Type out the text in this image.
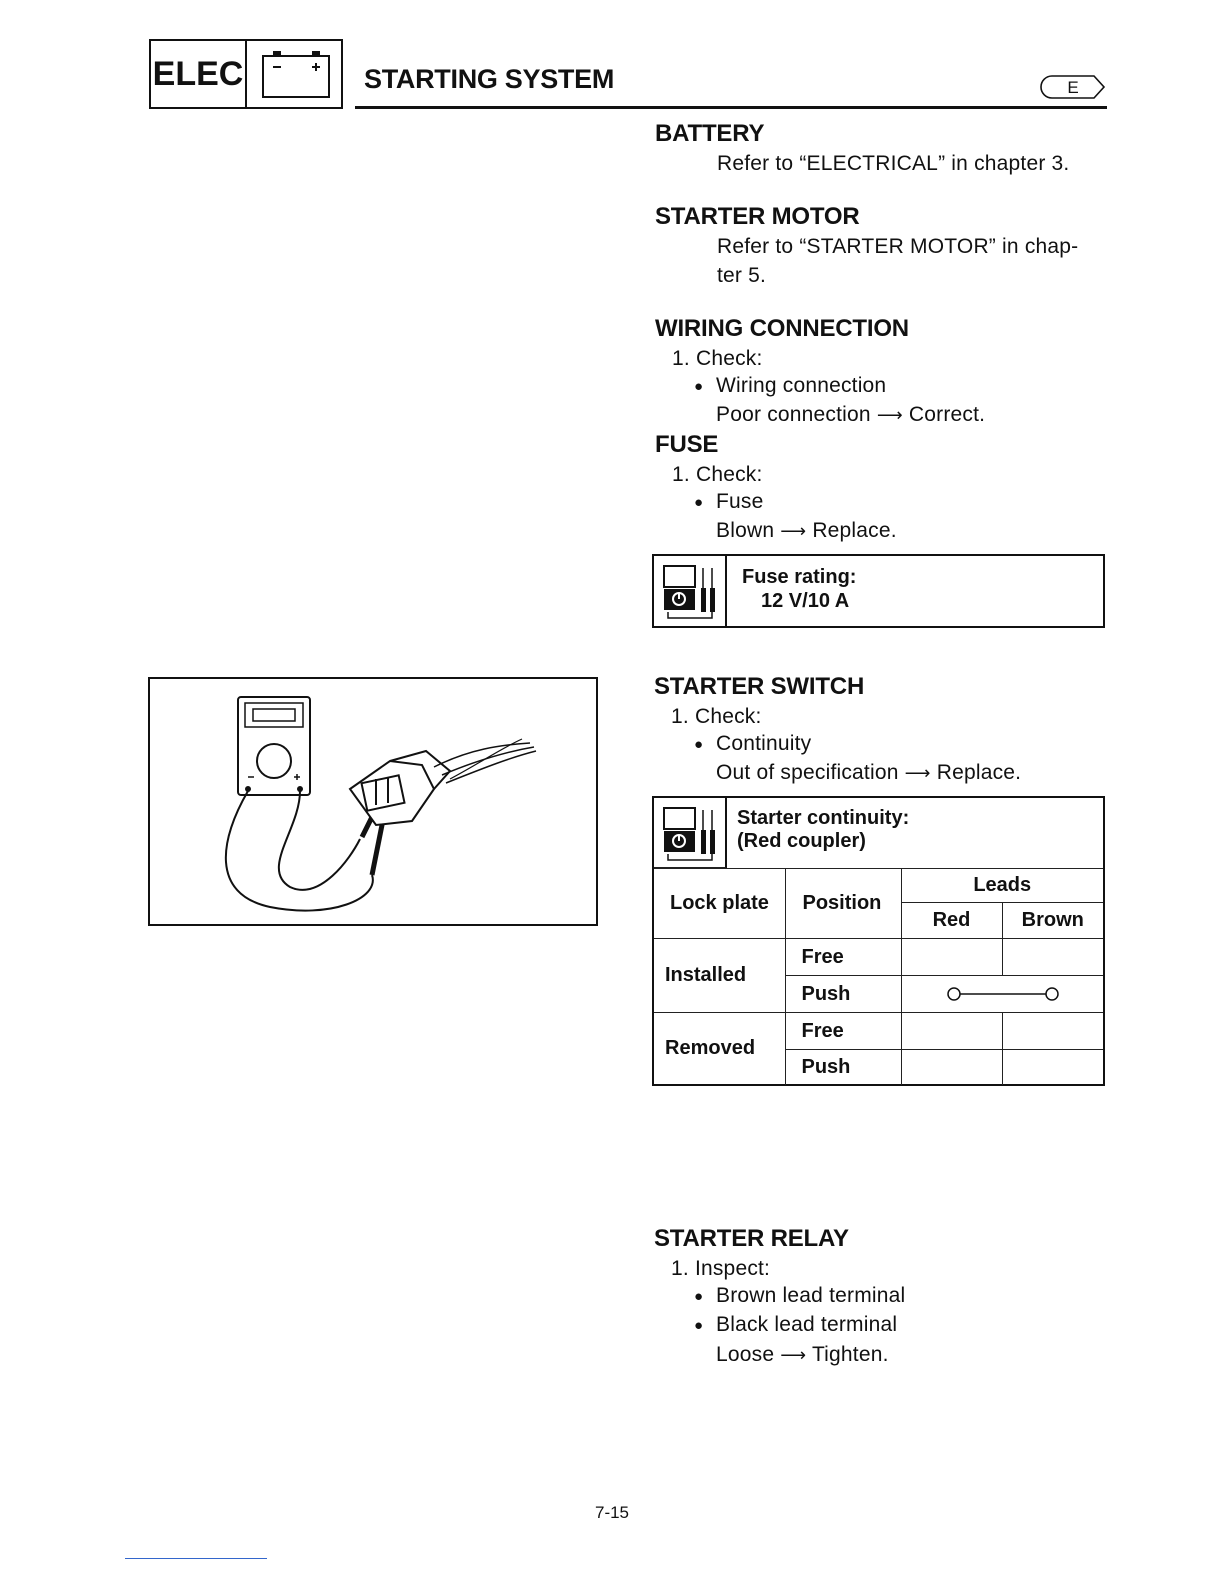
ELEC	STARTING SYSTEM	E
BATTERY
Refer to “ELECTRICAL” in chapter 3.
STARTER MOTOR
Refer to “STARTER MOTOR” in chap-
ter 5.
WIRING CONNECTION
1. Check:
● Wiring connection
Poor connection ⟶ Correct.
FUSE
1. Check:
● Fuse
Blown ⟶ Replace.
Fuse rating:
12 V/10 A
STARTER SWITCH
1. Check:
● Continuity
Out of specification ⟶ Replace.
Starter continuity:
(Red coupler)
Lock plate	Position	Leads	
		Red	Brown
Installed	Free		
	Push	

Removed	Free		
	Push		
STARTER RELAY
1. Inspect:
● Brown lead terminal
● Black lead terminal
Loose ⟶ Tighten.
7-15
